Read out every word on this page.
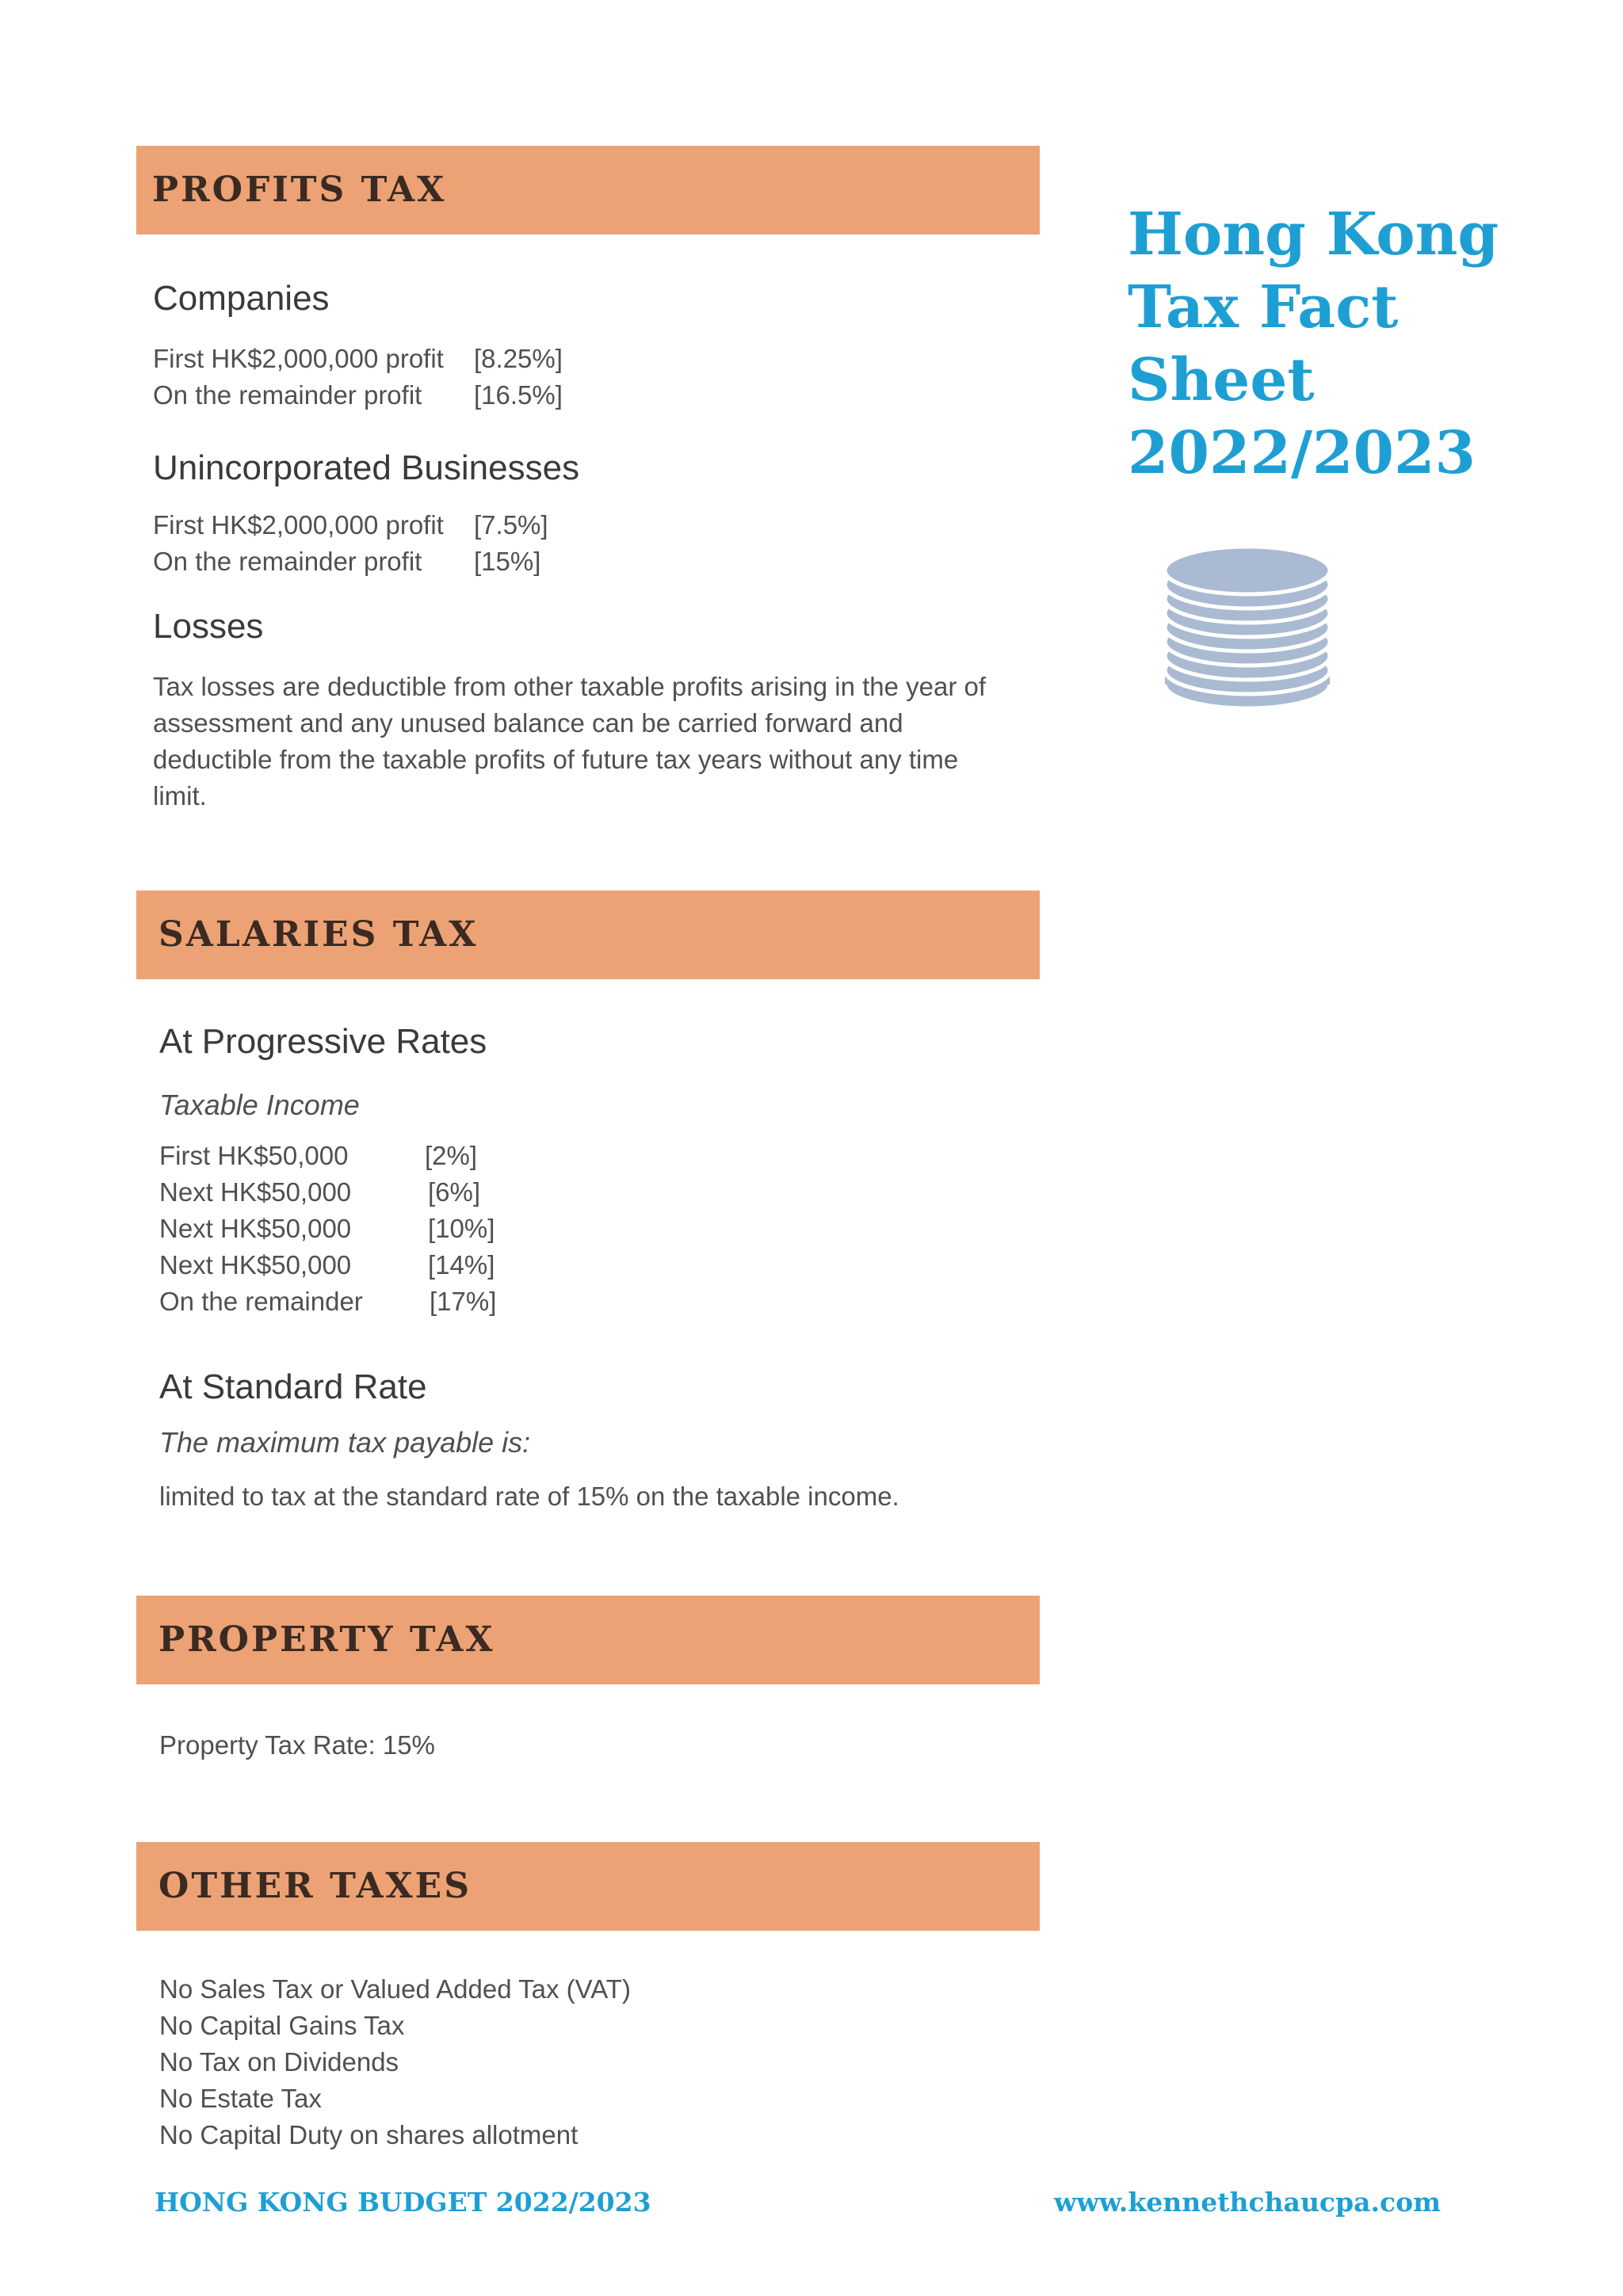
PROFITS TAX
Companies
First HK$2,000,000 profit [8.25%]
On the remainder profit [16.5%]
Unincorporated Businesses
First HK$2,000,000 profit [7.5%]
On the remainder profit [15%]
Losses
Tax losses are deductible from other taxable profits arising in the year of
assessment and any unused balance can be carried forward and
deductible from the taxable profits of future tax years without any time
limit.
SALARIES TAX
At Progressive Rates
Taxable Income
First HK$50,000	[2%]
Next HK$50,000	[6%]
Next HK$50,000	[10%]
Next HK$50,000	[14%]
On the remainder	[17%]
At Standard Rate
The maximum tax payable is:
limited to tax at the standard rate of 15% on the taxable income.
PROPERTY TAX
Property Tax Rate: 15%
OTHER TAXES
No Sales Tax or Valued Added Tax (VAT)
No Capital Gains Tax
No Tax on Dividends
No Estate Tax
No Capital Duty on shares allotment
Hong Kong
Tax Fact
Sheet
2022/2023
HONG KONG BUDGET 2022/2023	www.kennethchaucpa.com
